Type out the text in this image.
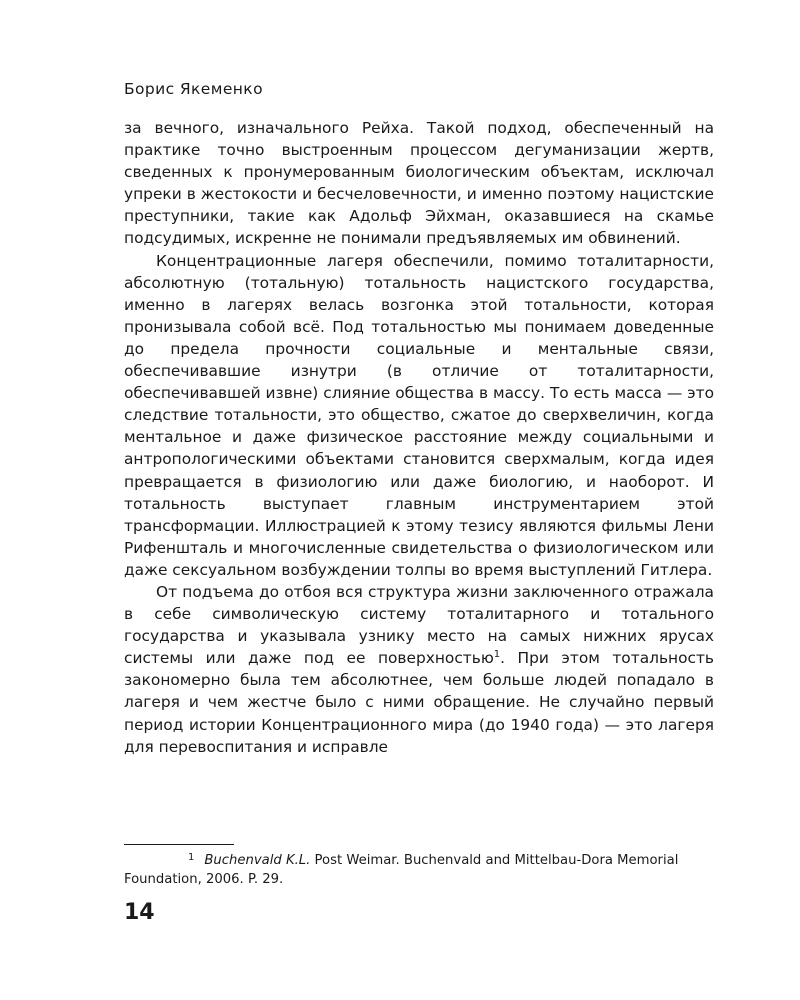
Борис Якеменко

за вечного, изначального Рейха. Такой подход, обеспеченный на практике точно выстроенным процессом дегуманизации жертв, сведенных к пронумерованным биологическим объектам, исключал упреки в жестокости и бесчеловечности, и именно поэтому нацистские преступники, такие как Адольф Эйхман, оказавшиеся на скамье подсудимых, искренне не понимали предъявляемых им обвинений.

Концентрационные лагеря обеспечили, помимо тоталитарности, абсолютную (тотальную) тотальность нацистского государства, именно в лагерях велась возгонка этой тотальности, которая пронизывала собой всё. Под тотальностью мы понимаем доведенные до предела прочности социальные и ментальные связи, обеспечивавшие изнутри (в отличие от тоталитарности, обеспечивавшей извне) слияние общества в массу. То есть масса — это следствие тотальности, это общество, сжатое до сверхвеличин, когда ментальное и даже физическое расстояние между социальными и антропологическими объектами становится сверхмалым, когда идея превращается в физиологию или даже биологию, и наоборот. И тотальность выступает главным инструментарием этой трансформации. Иллюстрацией к этому тезису являются фильмы Лени Рифеншталь и многочисленные свидетельства о физиологическом или даже сексуальном возбуждении толпы во время выступлений Гитлера.

От подъема до отбоя вся структура жизни заключенного отражала в себе символическую систему тоталитарного и тотального государства и указывала узнику место на самых нижних ярусах системы или даже под ее поверхностью$^1$. При этом тотальность закономерно была тем абсолютнее, чем больше людей попадало в лагеря и чем жестче было с ними обращение. Не случайно первый период истории Концентрационного мира (до 1940 года) — это лагеря для перевоспитания и исправле

1 Buchenvald K.L. Post Weimar. Buchenvald and Mittelbau-Dora Memorial Foundation, 2006. P. 29.
14
